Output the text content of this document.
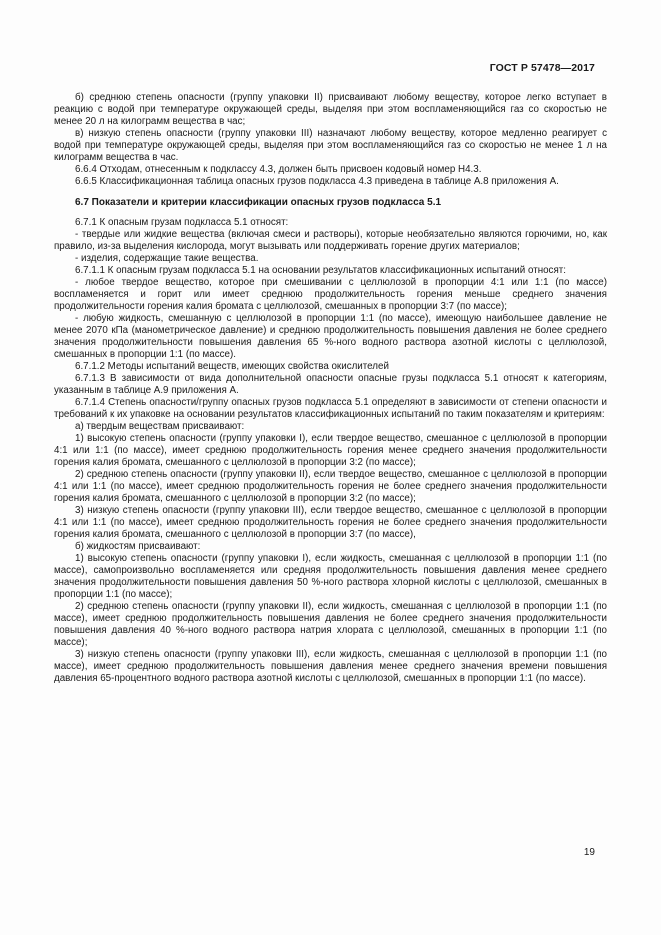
ГОСТ Р 57478—2017

б) среднюю степень опасности (группу упаковки II) присваивают любому веществу, которое легко вступает в реакцию с водой при температуре окружающей среды, выделяя при этом воспламеняющийся газ со скоростью не менее 20 л на килограмм вещества в час;

в) низкую степень опасности (группу упаковки III) назначают любому веществу, которое медленно реагирует с водой при температуре окружающей среды, выделяя при этом воспламеняющийся газ со скоростью не менее 1 л на килограмм вещества в час.

6.6.4 Отходам, отнесенным к подклассу 4.3, должен быть присвоен кодовый номер Н4.3.

6.6.5 Классификационная таблица опасных грузов подкласса 4.3 приведена в таблице А.8 приложения А.

6.7 Показатели и критерии классификации опасных грузов подкласса 5.1

6.7.1 К опасным грузам подкласса 5.1 относят:

- твердые или жидкие вещества (включая смеси и растворы), которые необязательно являются горючими, но, как правило, из-за выделения кислорода, могут вызывать или поддерживать горение других материалов;

- изделия, содержащие такие вещества.

6.7.1.1 К опасным грузам подкласса 5.1 на основании результатов классификационных испытаний относят:

- любое твердое вещество, которое при смешивании с целлюлозой в пропорции 4:1 или 1:1 (по массе) воспламеняется и горит или имеет среднюю продолжительность горения меньше среднего значения продолжительности горения калия бромата с целлюлозой, смешанных в пропорции 3:7 (по массе);

- любую жидкость, смешанную с целлюлозой в пропорции 1:1 (по массе), имеющую наибольшее давление не менее 2070 кПа (манометрическое давление) и среднюю продолжительность повышения давления не более среднего значения продолжительности повышения давления 65 %-ного водного раствора азотной кислоты с целлюлозой, смешанных в пропорции 1:1 (по массе).

6.7.1.2 Методы испытаний веществ, имеющих свойства окислителей

6.7.1.3 В зависимости от вида дополнительной опасности опасные грузы подкласса 5.1 относят к категориям, указанным в таблице А.9 приложения А.

6.7.1.4 Степень опасности/группу опасных грузов подкласса 5.1 определяют в зависимости от степени опасности и требований к их упаковке на основании результатов классификационных испытаний по таким показателям и критериям:

а) твердым веществам присваивают:

1) высокую степень опасности (группу упаковки I), если твердое вещество, смешанное с целлюлозой в пропорции 4:1 или 1:1 (по массе), имеет среднюю продолжительность горения менее среднего значения продолжительности горения калия бромата, смешанного с целлюлозой в пропорции 3:2 (по массе);

2) среднюю степень опасности (группу упаковки II), если твердое вещество, смешанное с целлюлозой в пропорции 4:1 или 1:1 (по массе), имеет среднюю продолжительность горения не более среднего значения продолжительности горения калия бромата, смешанного с целлюлозой в пропорции 3:2 (по массе);

3) низкую степень опасности (группу упаковки III), если твердое вещество, смешанное с целлюлозой в пропорции 4:1 или 1:1 (по массе), имеет среднюю продолжительность горения не более среднего значения продолжительности горения калия бромата, смешанного с целлюлозой в пропорции 3:7 (по массе),

б) жидкостям присваивают:

1) высокую степень опасности (группу упаковки I), если жидкость, смешанная с целлюлозой в пропорции 1:1 (по массе), самопроизвольно воспламеняется или средняя продолжительность повышения давления менее среднего значения продолжительности повышения давления 50 %-ного раствора хлорной кислоты с целлюлозой, смешанных в пропорции 1:1 (по массе);

2) среднюю степень опасности (группу упаковки II), если жидкость, смешанная с целлюлозой в пропорции 1:1 (по массе), имеет среднюю продолжительность повышения давления не более среднего значения продолжительности повышения давления 40 %-ного водного раствора натрия хлората с целлюлозой, смешанных в пропорции 1:1 (по массе);

3) низкую степень опасности (группу упаковки III), если жидкость, смешанная с целлюлозой в пропорции 1:1 (по массе), имеет среднюю продолжительность повышения давления менее среднего значения времени повышения давления 65-процентного водного раствора азотной кислоты с целлюлозой, смешанных в пропорции 1:1 (по массе).

19
